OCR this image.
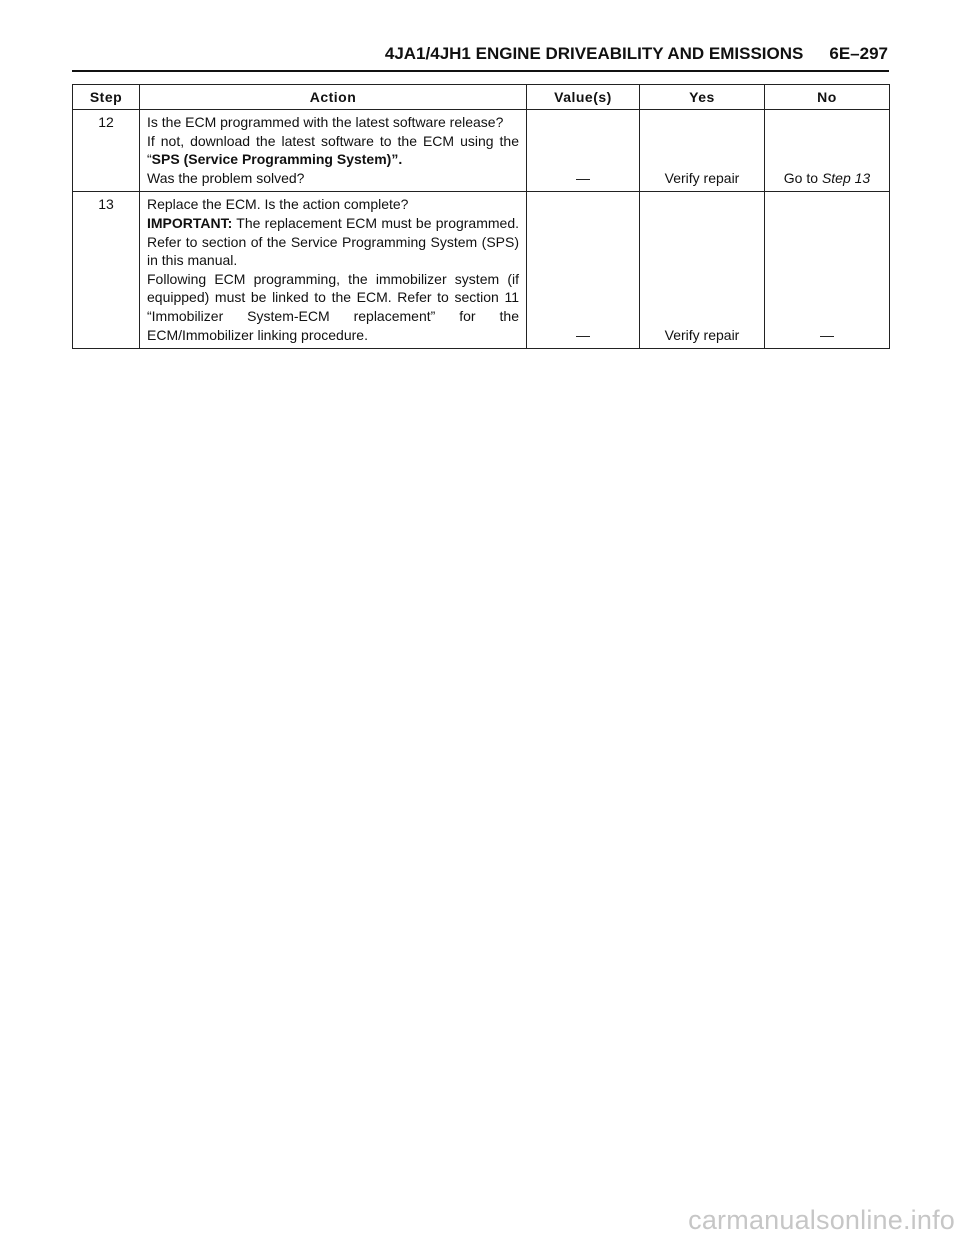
4JA1/4JH1 ENGINE DRIVEABILITY AND EMISSIONS 6E–297
Step	Action	Value(s)	Yes	No
12	Is the ECM programmed with the latest software release?
If not, download the latest software to the ECM using the “SPS (Service Programming System)”.
Was the problem solved?	—	Verify repair	Go to Step 13
13	Replace the ECM. Is the action complete?
IMPORTANT: The replacement ECM must be programmed. Refer to section of the Service Programming System (SPS) in this manual.
Following ECM programming, the immobilizer system (if equipped) must be linked to the ECM. Refer to section 11 “Immobilizer System-ECM replacement” for the ECM/Immobilizer linking procedure.	—	Verify repair	—
carmanualsonline.info
